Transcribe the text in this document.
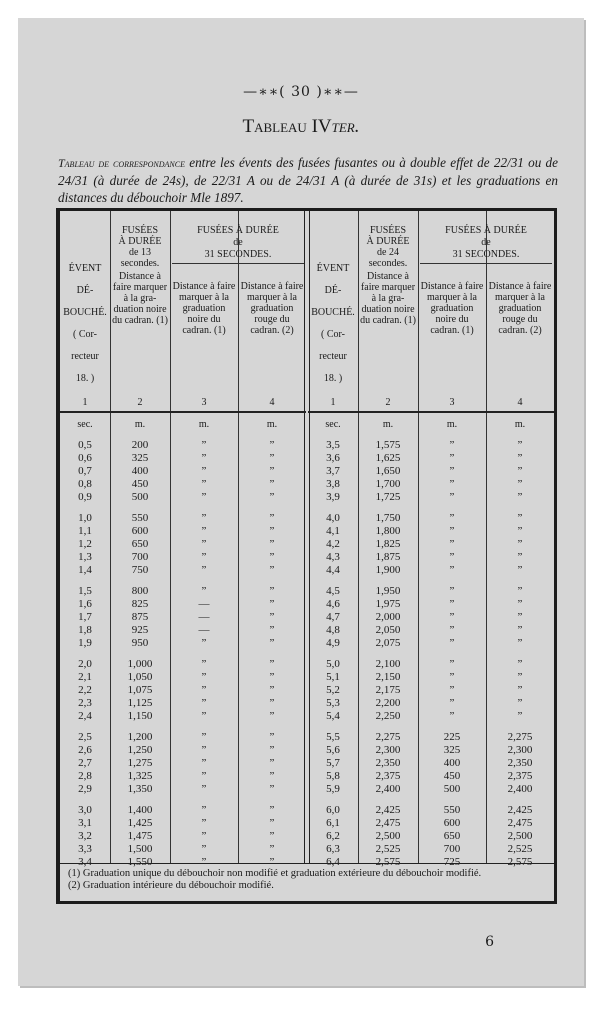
—∗∗( 30 )∗∗—
Tableau IVter.
Tableau de correspondance entre les évents des fusées fusantes ou à double effet de 22/31 ou de 24/31 (à durée de 24s), de 22/31 A ou de 24/31 A (à durée de 31s) et les graduations en distances du débouchoir Mle 1897.
ÉVENT
DÉ-
BOUCHÉ.
( Cor-
recteur
18. )
FUSÉES
À DURÉE
de 13
secondes.
Distance à faire marquer à la gra- duation noire du cadran. (1)
FUSÉES À DURÉE
de
31 SECONDES.
Distance à faire marquer à la graduation noire du cadran. (1)
Distance à faire marquer à la graduation rouge du cadran. (2)
1	2	3	4
sec.	m.	m.	m.
0,5	200	”	”
0,6	325	”	”
0,7	400	”	”
0,8	450	”	”
0,9	500	”	”
1,0	550	”	”
1,1	600	”	”
1,2	650	”	”
1,3	700	”	”
1,4	750	”	”
1,5	800	”	”
1,6	825	—	”
1,7	875	—	”
1,8	925	—	”
1,9	950	”	”
2,0	1,000	”	”
2,1	1,050	”	”
2,2	1,075	”	”
2,3	1,125	”	”
2,4	1,150	”	”
2,5	1,200	”	”
2,6	1,250	”	”
2,7	1,275	”	”
2,8	1,325	”	”
2,9	1,350	”	”
3,0	1,400	”	”
3,1	1,425	”	”
3,2	1,475	”	”
3,3	1,500	”	”
3,4	1,550	”	”
ÉVENT
DÉ-
BOUCHÉ.
( Cor-
recteur
18. )
FUSÉES
À DURÉE
de 24
secondes.
Distance à faire marquer à la gra- duation noire du cadran. (1)
FUSÉES À DURÉE
de
31 SECONDES.
Distance à faire marquer à la graduation noire du cadran. (1)
Distance à faire marquer à la graduation rouge du cadran. (2)
1	2	3	4
sec.	m.	m.	m.
3,5	1,575	”	”
3,6	1,625	”	”
3,7	1,650	”	”
3,8	1,700	”	”
3,9	1,725	”	”
4,0	1,750	”	”
4,1	1,800	”	”
4,2	1,825	”	”
4,3	1,875	”	”
4,4	1,900	”	”
4,5	1,950	”	”
4,6	1,975	”	”
4,7	2,000	”	”
4,8	2,050	”	”
4,9	2,075	”	”
5,0	2,100	”	”
5,1	2,150	”	”
5,2	2,175	”	”
5,3	2,200	”	”
5,4	2,250	”	”
5,5	2,275	225	2,275
5,6	2,300	325	2,300
5,7	2,350	400	2,350
5,8	2,375	450	2,375
5,9	2,400	500	2,400
6,0	2,425	550	2,425
6,1	2,475	600	2,475
6,2	2,500	650	2,500
6,3	2,525	700	2,525
6,4	2,575	725	2,575
(1) Graduation unique du débouchoir non modifié et graduation extérieure du débouchoir modifié.
(2) Graduation intérieure du débouchoir modifié.
6
